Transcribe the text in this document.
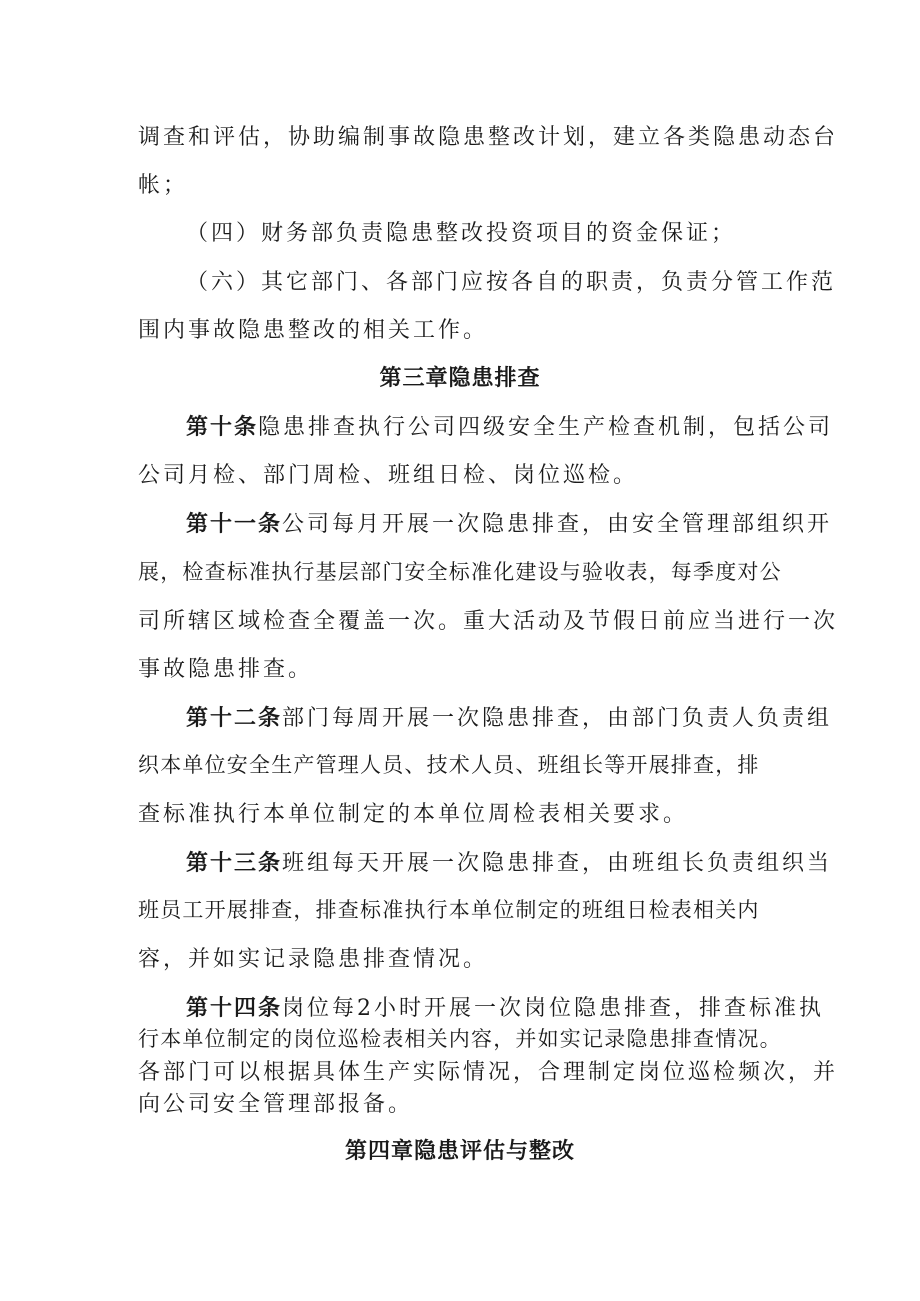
调查和评估，协助编制事故隐患整改计划，建立各类隐患动态台
帐；
（四）财务部负责隐患整改投资项目的资金保证；
（六）其它部门、各部门应按各自的职责，负责分管工作范
围内事故隐患整改的相关工作。
第三章隐患排查
第十条隐患排查执行公司四级安全生产检查机制，包括公司
公司月检、部门周检、班组日检、岗位巡检。
第十一条公司每月开展一次隐患排查，由安全管理部组织开
展，检查标准执行基层部门安全标准化建设与验收表，每季度对公
司所辖区域检查全覆盖一次。重大活动及节假日前应当进行一次
事故隐患排查。
第十二条部门每周开展一次隐患排查，由部门负责人负责组
织本单位安全生产管理人员、技术人员、班组长等开展排查，排
查标准执行本单位制定的本单位周检表相关要求。
第十三条班组每天开展一次隐患排查，由班组长负责组织当
班员工开展排查，排查标准执行本单位制定的班组日检表相关内
容，并如实记录隐患排查情况。
第十四条岗位每2小时开展一次岗位隐患排查，排查标准执
行本单位制定的岗位巡检表相关内容，并如实记录隐患排查情况。
各部门可以根据具体生产实际情况，合理制定岗位巡检频次，并
向公司安全管理部报备。
第四章隐患评估与整改
